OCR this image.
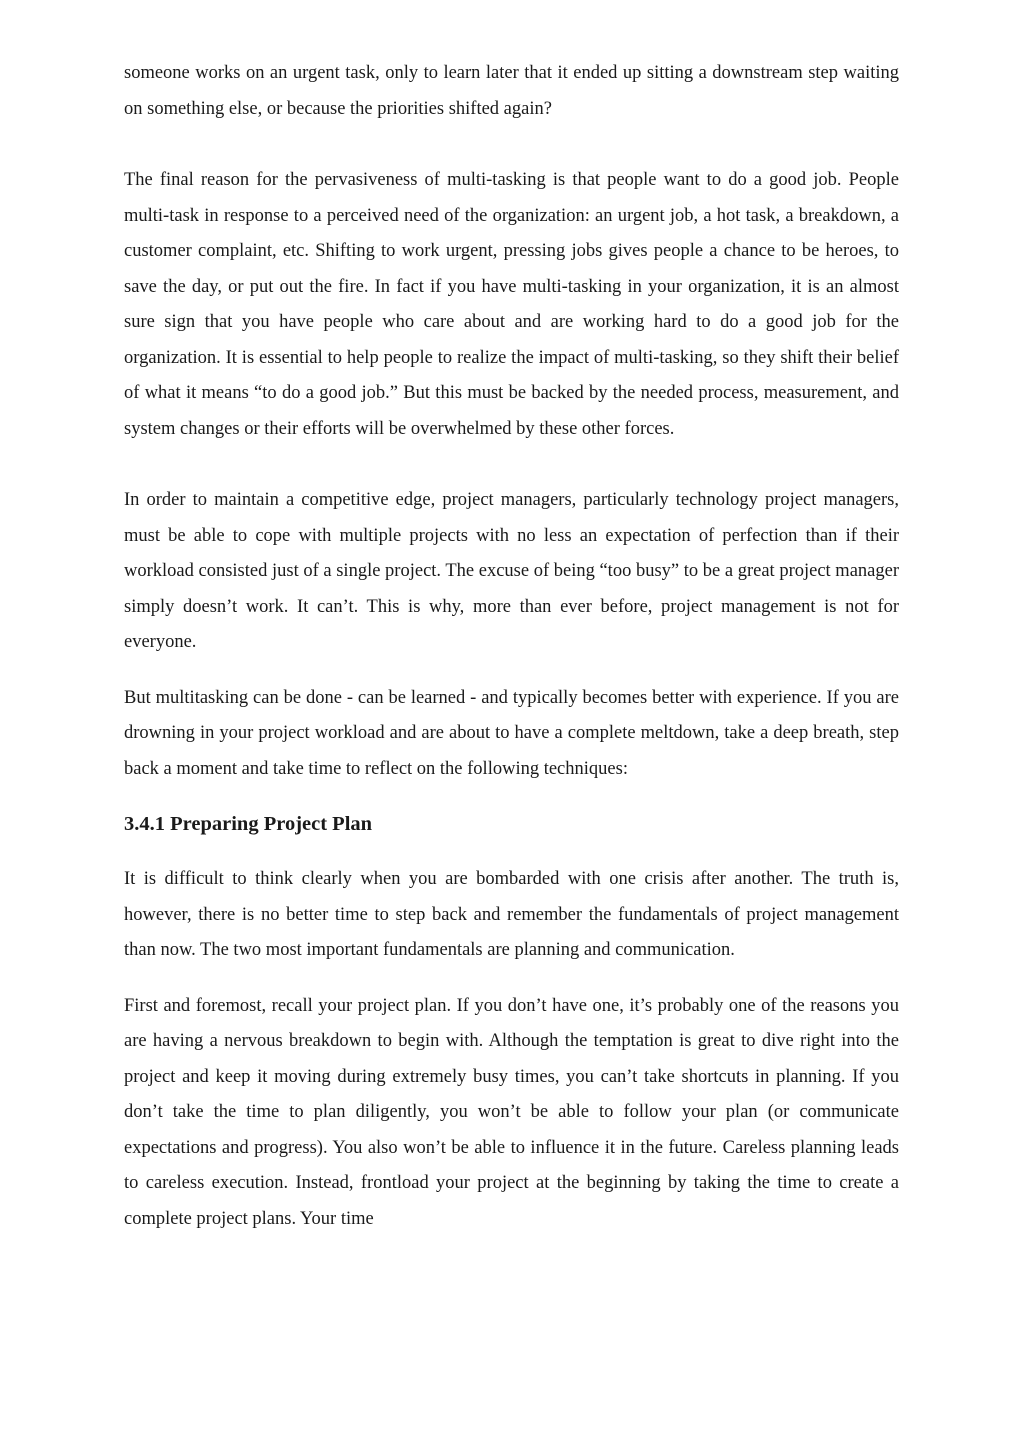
someone works on an urgent task, only to learn later that it ended up sitting a downstream step waiting on something else, or because the priorities shifted again?

The final reason for the pervasiveness of multi-tasking is that people want to do a good job. People multi-task in response to a perceived need of the organization: an urgent job, a hot task, a breakdown, a customer complaint, etc. Shifting to work urgent, pressing jobs gives people a chance to be heroes, to save the day, or put out the fire. In fact if you have multi-tasking in your organization, it is an almost sure sign that you have people who care about and are working hard to do a good job for the organization. It is essential to help people to realize the impact of multi-tasking, so they shift their belief of what it means “to do a good job.” But this must be backed by the needed process, measurement, and system changes or their efforts will be overwhelmed by these other forces.

In order to maintain a competitive edge, project managers, particularly technology project managers, must be able to cope with multiple projects with no less an expectation of perfection than if their workload consisted just of a single project. The excuse of being “too busy” to be a great project manager simply doesn’t work. It can’t. This is why, more than ever before, project management is not for everyone.

But multitasking can be done - can be learned - and typically becomes better with experience. If you are drowning in your project workload and are about to have a complete meltdown, take a deep breath, step back a moment and take time to reflect on the following techniques:

3.4.1 Preparing Project Plan

It is difficult to think clearly when you are bombarded with one crisis after another. The truth is, however, there is no better time to step back and remember the fundamentals of project management than now. The two most important fundamentals are planning and communication.

First and foremost, recall your project plan. If you don’t have one, it’s probably one of the reasons you are having a nervous breakdown to begin with. Although the temptation is great to dive right into the project and keep it moving during extremely busy times, you can’t take shortcuts in planning. If you don’t take the time to plan diligently, you won’t be able to follow your plan (or communicate expectations and progress). You also won’t be able to influence it in the future. Careless planning leads to careless execution. Instead, frontload your project at the beginning by taking the time to create a complete project plans. Your time
